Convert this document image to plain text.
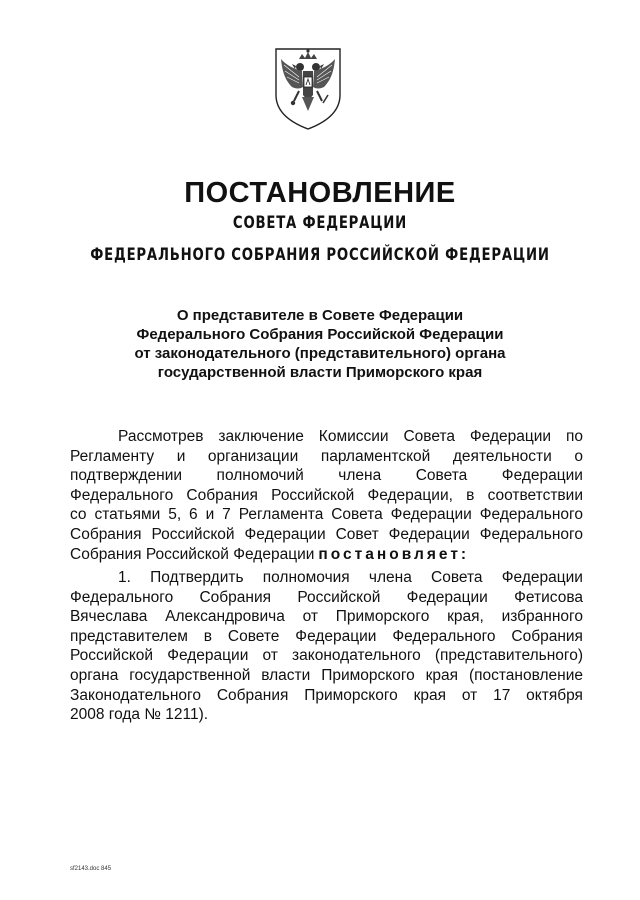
ПОСТАНОВЛЕНИЕ
СОВЕТА ФЕДЕРАЦИИ
ФЕДЕРАЛЬНОГО СОБРАНИЯ РОССИЙСКОЙ ФЕДЕРАЦИИ
О представителе в Совете Федерации
Федерального Собрания Российской Федерации
от законодательного (представительного) органа
государственной власти Приморского края
Рассмотрев заключение Комиссии Совета Федерации по
Регламенту и организации парламентской деятельности о
подтверждении полномочий члена Совета Федерации
Федерального Собрания Российской Федерации, в соответствии
со статьями 5, 6 и 7 Регламента Совета Федерации Федерального
Собрания Российской Федерации Совет Федерации Федерального
Собрания Российской Федерации постановляет:
1. Подтвердить полномочия члена Совета Федерации
Федерального Собрания Российской Федерации Фетисова
Вячеслава Александровича от Приморского края, избранного
представителем в Совете Федерации Федерального Собрания
Российской Федерации от законодательного (представительного)
органа государственной власти Приморского края (постановление
Законодательного Собрания Приморского края от 17 октября
2008 года № 1211).
sf2143.doc 845
